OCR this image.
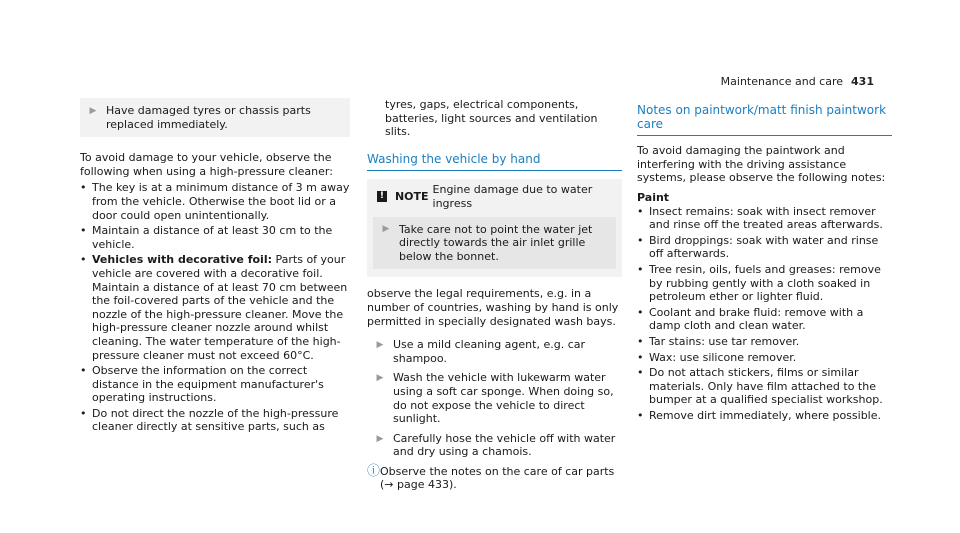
Maintenance and care 431
▶ Have damaged tyres or chassis parts replaced immediately.

To avoid damage to your vehicle, observe the following when using a high-pressure cleaner:

• The key is at a minimum distance of 3 m away from the vehicle. Otherwise the boot lid or a door could open unintentionally.
• Maintain a distance of at least 30 cm to the vehicle.
• Vehicles with decorative foil: Parts of your vehicle are covered with a decorative foil. Maintain a distance of at least 70 cm between the foil-covered parts of the vehicle and the nozzle of the high-pressure cleaner. Move the high-pressure cleaner nozzle around whilst cleaning. The water temperature of the high-pressure cleaner must not exceed 60°C.
• Observe the information on the correct distance in the equipment manufacturer's operating instructions.
• Do not direct the nozzle of the high-pressure cleaner directly at sensitive parts, such as

tyres, gaps, electrical components, batteries, light sources and ventilation slits.

Washing the vehicle by hand
! NOTE
Engine damage due to water ingress
▶ Take care not to point the water jet directly towards the air inlet grille below the bonnet.

observe the legal requirements, e.g. in a number of countries, washing by hand is only permitted in specially designated wash bays.

▶ Use a mild cleaning agent, e.g. car shampoo.
▶ Wash the vehicle with lukewarm water using a soft car sponge. When doing so, do not expose the vehicle to direct sunlight.
▶ Carefully hose the vehicle off with water and dry using a chamois.
ⓘ Observe the notes on the care of car parts (→ page 433).
Notes on paintwork/matt finish paintwork care

To avoid damaging the paintwork and interfering with the driving assistance systems, please observe the following notes:

Paint

• Insect remains: soak with insect remover and rinse off the treated areas afterwards.
• Bird droppings: soak with water and rinse off afterwards.
• Tree resin, oils, fuels and greases: remove by rubbing gently with a cloth soaked in petroleum ether or lighter fluid.
• Coolant and brake fluid: remove with a damp cloth and clean water.
• Tar stains: use tar remover.
• Wax: use silicone remover.
• Do not attach stickers, films or similar materials. Only have film attached to the bumper at a qualified specialist workshop.
• Remove dirt immediately, where possible.
